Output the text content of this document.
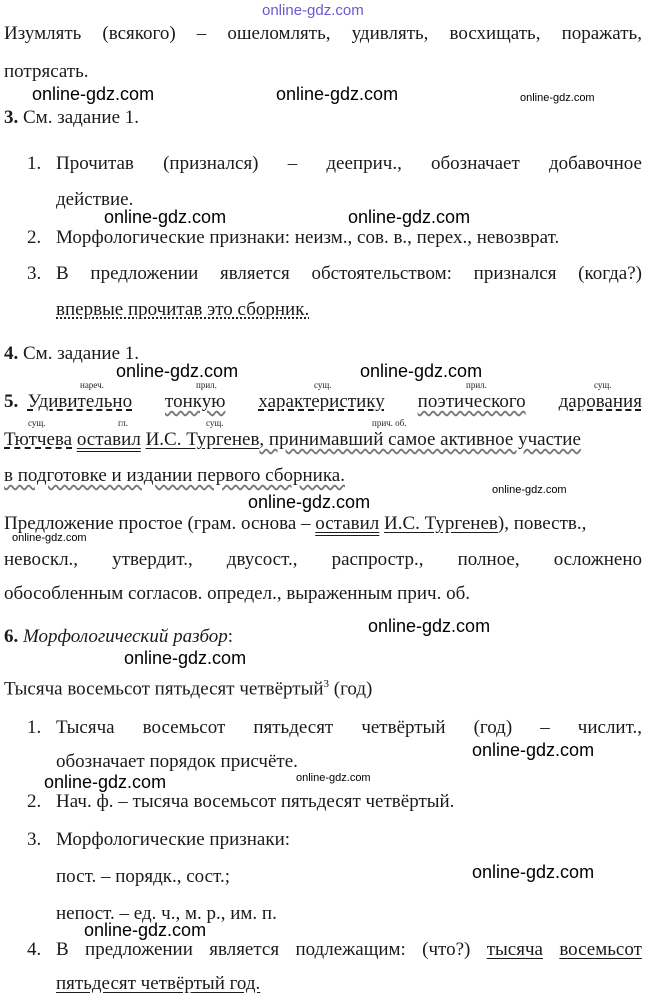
online-gdz.com
Изумлять (всякого) – ошеломлять, удивлять, восхищать, поражать,
потрясать.
online-gdz.com	online-gdz.com	online-gdz.com
3. См. задание 1.
1. Прочитав (признался) – дееприч., обозначает добавочное
действие.
online-gdz.com	online-gdz.com
2. Морфологические признаки: неизм., сов. в., перех., невозврат.
3. В предложении является обстоятельством: признался (когда?)
впервые прочитав это сборник.
4. См. задание 1.
online-gdz.com	online-gdz.com
нареч.	прил.	сущ.	прил.	сущ.
5. Удивительно тонкую характеристику поэтического дарования
сущ.	гл.	сущ.	прич. об.
Тютчева оставил И.С. Тургенев, принимавший самое активное участие
в подготовке и издании первого сборника.
online-gdz.com
online-gdz.com
Предложение простое (грам. основа – оставил И.С. Тургенев), повеств.,
online-gdz.com
невоскл., утвердит., двусост., распростр., полное, осложнено
обособленным согласов. определ., выраженным прич. об.
online-gdz.com
6. Морфологический разбор:
online-gdz.com
Тысяча восемьсот пятьдесят четвёртый$^3$ (год)
1. Тысяча восемьсот пятьдесят четвёртый (год) – числит.,
online-gdz.com
обозначает порядок присчёте.
online-gdz.com	online-gdz.com
2. Нач. ф. – тысяча восемьсот пятьдесят четвёртый.
3. Морфологические признаки:
пост. – порядк., сост.;	online-gdz.com
непост. – ед. ч., м. р., им. п.
online-gdz.com
4. В предложении является подлежащим: (что?) тысяча восемьсот
пятьдесят четвёртый год.
